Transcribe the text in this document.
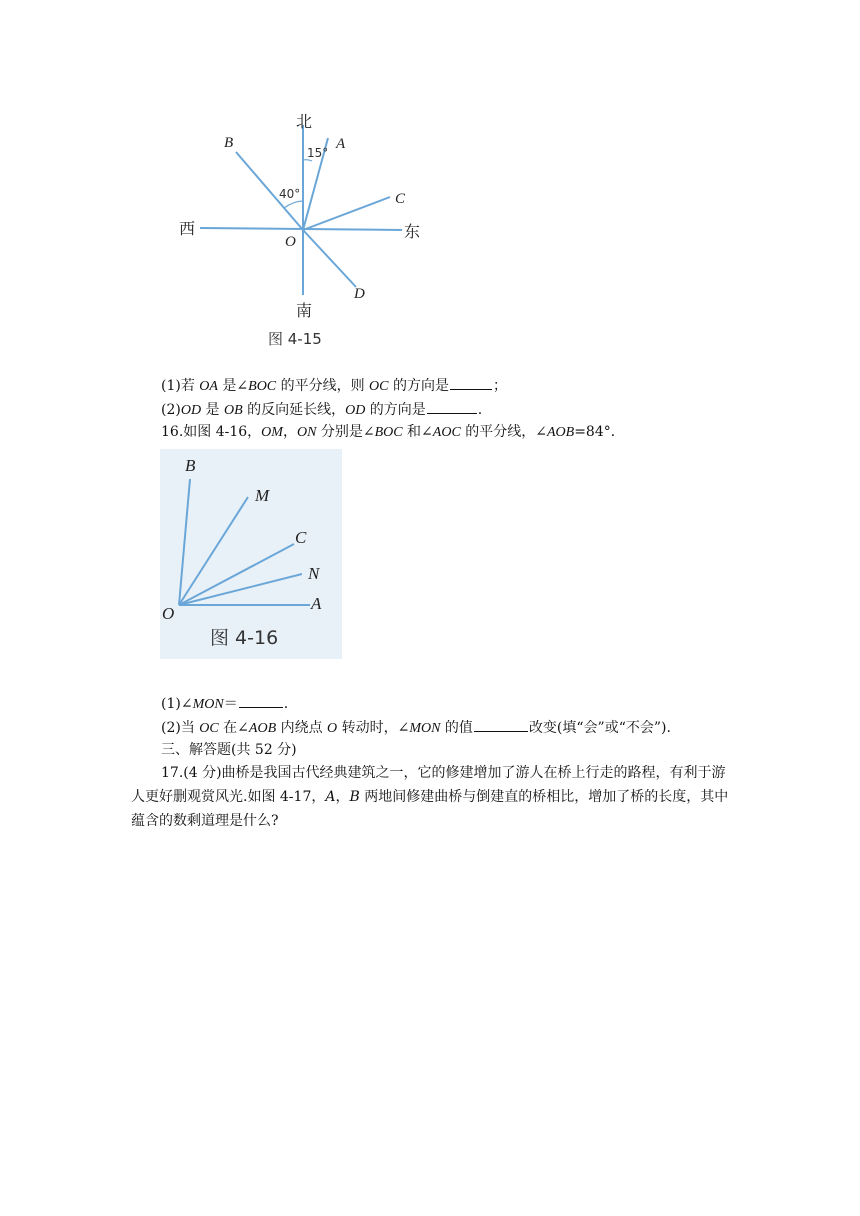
北
南
西	东
O
A
B
C
D
15°
40°
图 4-15
(1)若 OA 是∠BOC 的平分线，则 OC 的方向是	；
(2)OD 是 OB 的反向延长线，OD 的方向是	.
16.如图 4-16，OM，ON 分别是∠BOC 和∠AOC 的平分线，∠AOB=84°．
B
M
C
N
A
O
图 4-16
(1)∠MON＝	.
(2)当 OC 在∠AOB 内绕点 O 转动时，∠MON 的值	改变(填“会”或“不会”).
三、解答题(共 52 分)
17.(4 分)曲桥是我国古代经典建筑之一，它的修建增加了游人在桥上行走的路程，有利于游人更好删观赏风光.如图 4-17，A，B 两地间修建曲桥与倒建直的桥相比，增加了桥的长度，其中蕴含的数剩道理是什么?
